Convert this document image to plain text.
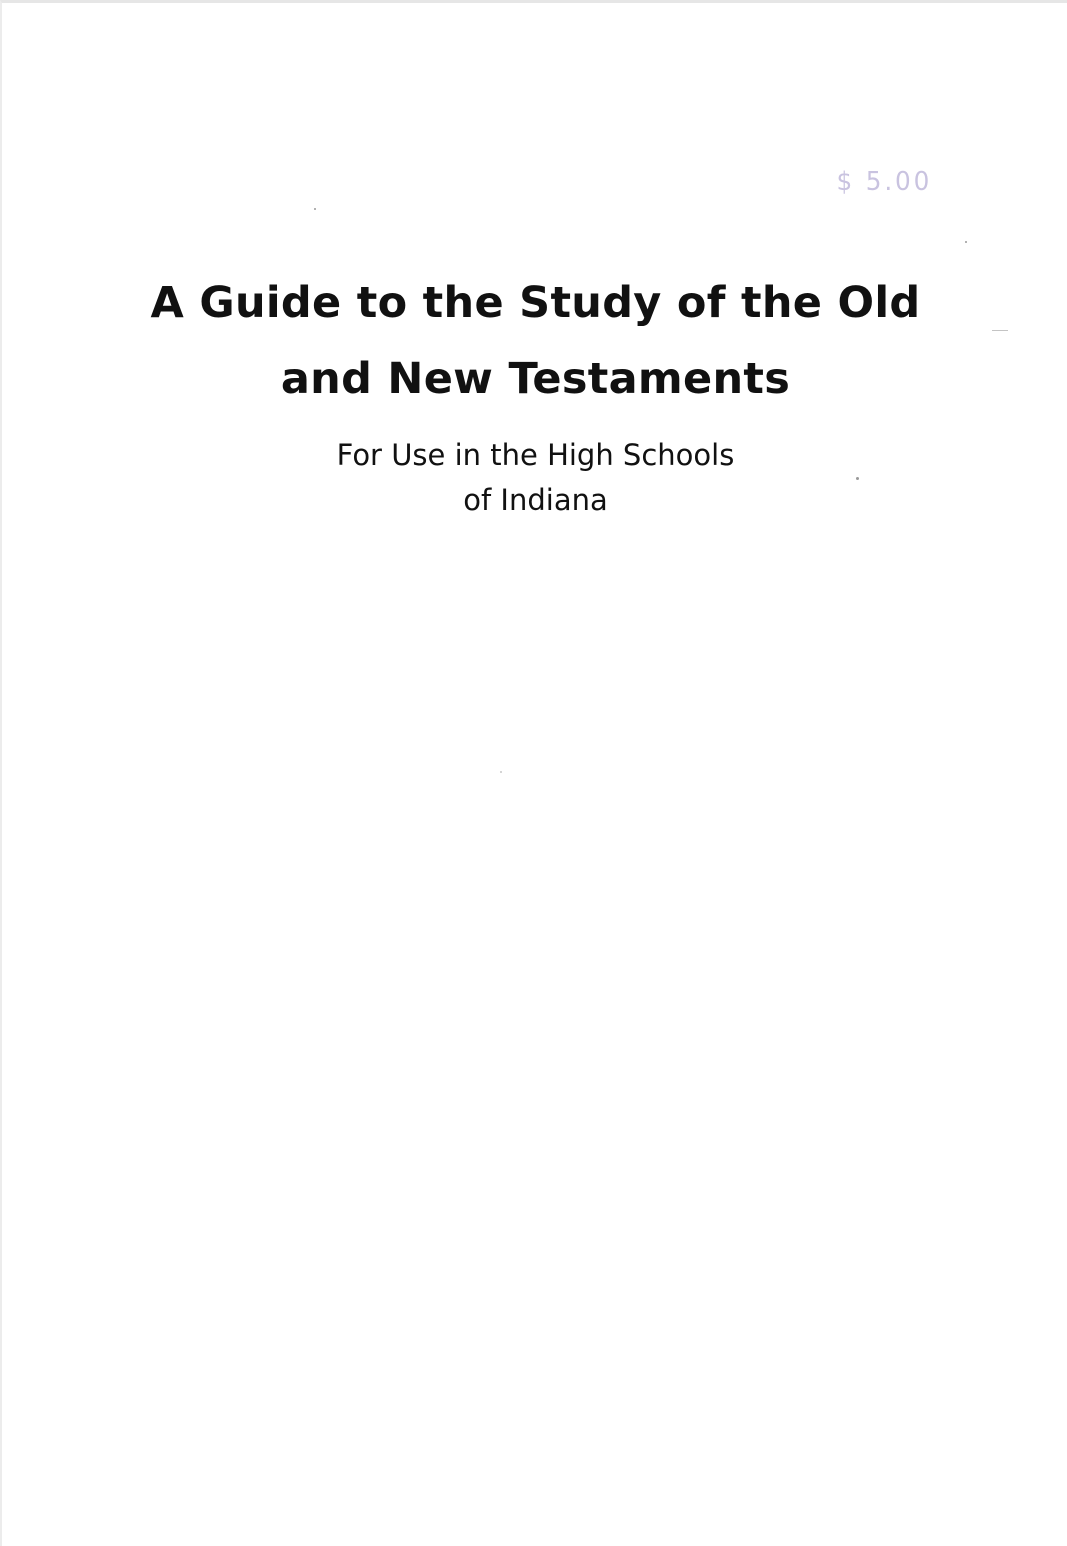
$ 5.00
A Guide to the Study of the Old
and New Testaments
For Use in the High Schools
of Indiana
